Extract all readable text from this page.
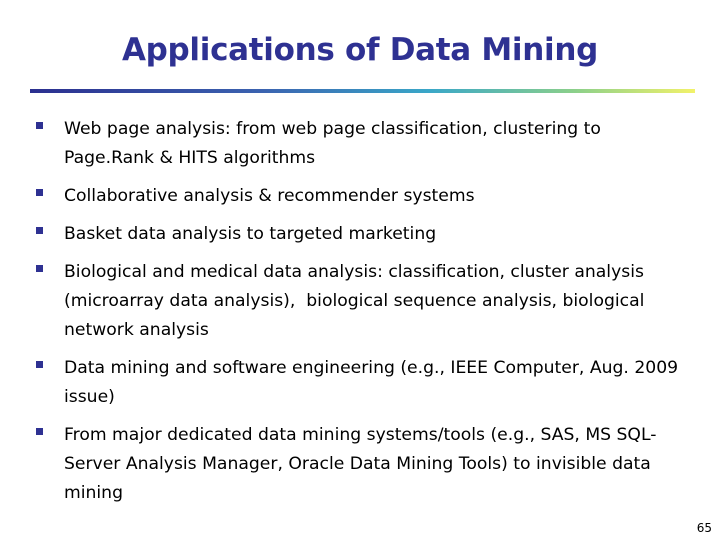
Applications of Data Mining
Web page analysis: from web page classification, clustering to Page.Rank & HITS algorithms
Collaborative analysis & recommender systems
Basket data analysis to targeted marketing
Biological and medical data analysis: classification, cluster analysis (microarray data analysis),  biological sequence analysis, biological network analysis
Data mining and software engineering (e.g., IEEE Computer, Aug. 2009 issue)
From major dedicated data mining systems/tools (e.g., SAS, MS SQL-Server Analysis Manager, Oracle Data Mining Tools) to invisible data mining
65
